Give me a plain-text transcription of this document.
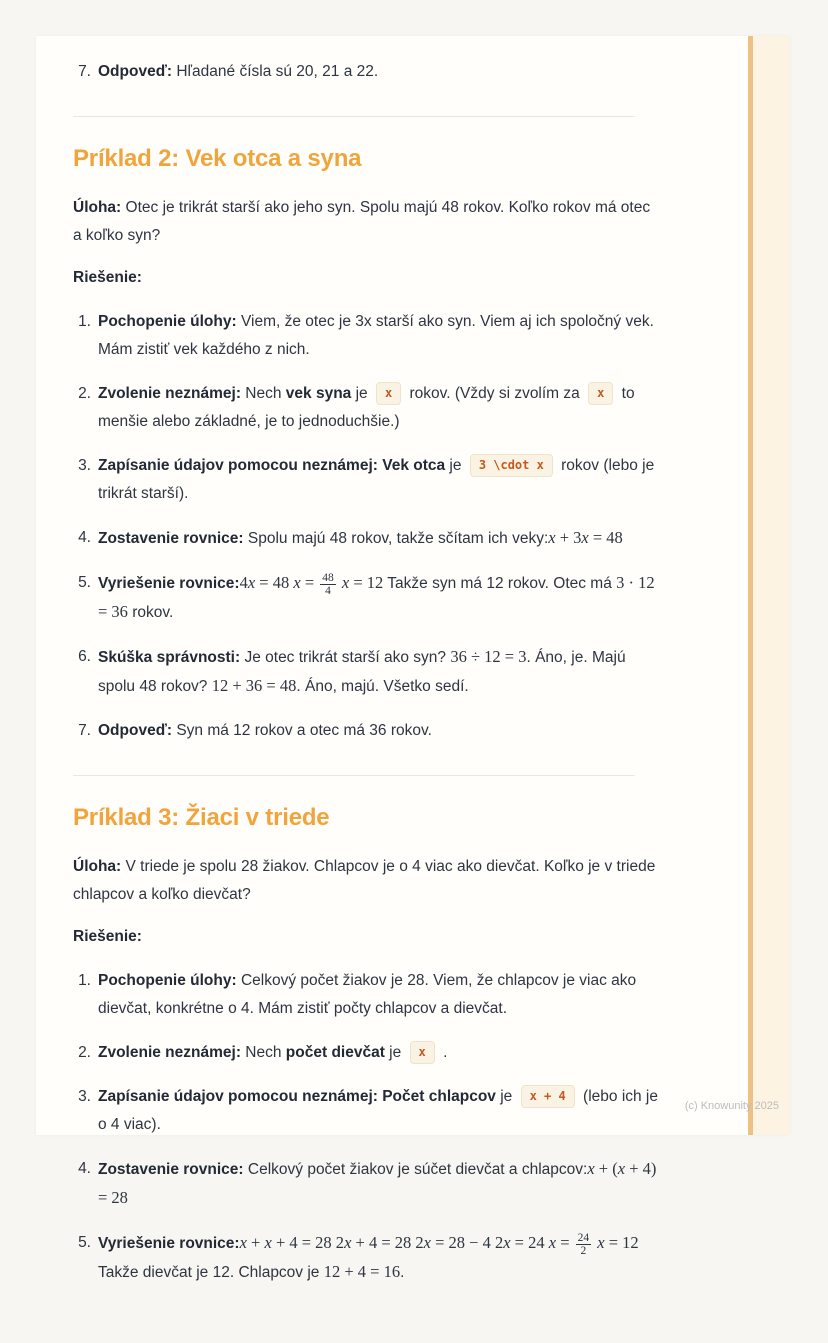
7. Odpoveď: Hľadané čísla sú 20, 21 a 22.
Príklad 2: Vek otca a syna

Úloha: Otec je trikrát starší ako jeho syn. Spolu majú 48 rokov. Koľko rokov má otec a koľko syn?

Riešenie:

1. Pochopenie úlohy: Viem, že otec je 3x starší ako syn. Viem aj ich spoločný vek. Mám zistiť vek každého z nich.
2. Zvolenie neznámej: Nech vek syna je x rokov. (Vždy si zvolím za x to menšie alebo základné, je to jednoduchšie.)
3. Zapísanie údajov pomocou neznámej: Vek otca je 3 \cdot x rokov (lebo je trikrát starší).
4. Zostavenie rovnice: Spolu majú 48 rokov, takže sčítam ich veky:x + 3x = 48
5. Vyriešenie rovnice:4x = 48 $x = \frac{48}{4}$ x = 12 Takže syn má 12 rokov. Otec má 3 · 12 = 36 rokov.
6. Skúška správnosti: Je otec trikrát starší ako syn? 36 ÷ 12 = 3. Áno, je. Majú spolu 48 rokov? 12 + 36 = 48. Áno, majú. Všetko sedí.
7. Odpoveď: Syn má 12 rokov a otec má 36 rokov.
Príklad 3: Žiaci v triede

Úloha: V triede je spolu 28 žiakov. Chlapcov je o 4 viac ako dievčat. Koľko je v triede chlapcov a koľko dievčat?

Riešenie:

1. Pochopenie úlohy: Celkový počet žiakov je 28. Viem, že chlapcov je viac ako dievčat, konkrétne o 4. Mám zistiť počty chlapcov a dievčat.
2. Zvolenie neznámej: Nech počet dievčat je x .
3. Zapísanie údajov pomocou neznámej: Počet chlapcov je x + 4 (lebo ich je o 4 viac).
4. Zostavenie rovnice: Celkový počet žiakov je súčet dievčat a chlapcov:x + (x + 4) = 28
5. Vyriešenie rovnice:x + x + 4 = 28 2x + 4 = 28 2x = 28 − 4 2x = 24 $x = \frac{24}{2}$ x = 12 Takže dievčat je 12. Chlapcov je 12 + 4 = 16.
(c) Knowunity 2025
